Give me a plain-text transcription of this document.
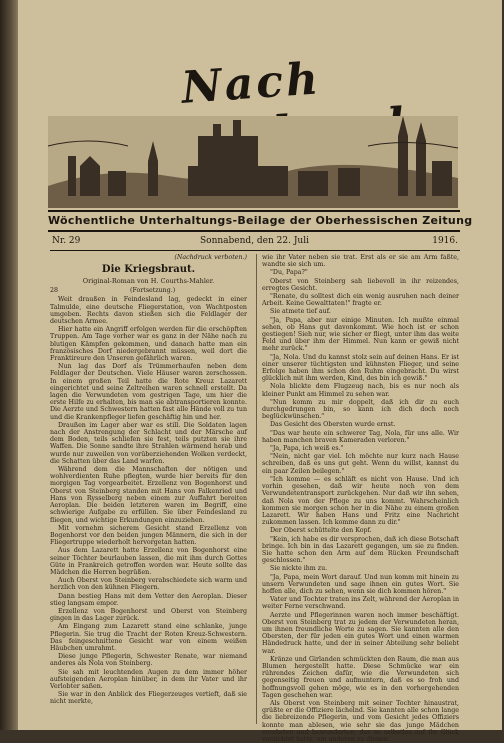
Nach
Wöchentliche Unterhaltungs-Beilage der Oberhessischen Zeitung
Nr. 29	Sonnabend, den 22. Juli	1916.

(Nachdruck verboten.)

Die Kriegsbraut.
Original-Roman von H. Courths-Mahler.
28	(Fortsetzung.)

Weit draußen in Feindesland lag, gedeckt in einer Talmulde, eine deutsche Fliegerstation, von Wachtposten umgeben. Rechts davon stießen sich die Feldlager der deutschen Armee.

Hier hatte ein Angriff erfolgen werden für die erschöpften Truppen. Am Tage vorher war es ganz in der Nähe nach zu blutigen Kämpfen gekommen, und danach hatte man ein französisches Dorf niedergebrannt müssen, weil dort die Franktireure den Unseren gefährlich waren.

Nun lag das Dorf als Trümmerhaufen neben dem Feldlager der Deutschen. Viele Häuser waren zerschossen. In einem großen Teil hatte die Rote Kreuz Lazarett eingerichtet und seine Zeltreihen waren schnell erstellt. Da lagen die Verwundeten vom gestrigen Tage, um hier die erste Hilfe zu erhalten, bis man sie abtransportieren konnte. Die Aerzte und Schwestern hatten fast alle Hände voll zu tun und die Krankenpfleger liefen geschäftig hin und her.

Draußen im Lager aber war es still. Die Soldaten lagen nach der Anstrengung der Schlacht und der Märsche auf dem Boden, teils schliefen sie fest, teils putzten sie ihre Waffen. Die Sonne sandte ihre Strahlen wärmend herab und wurde nur zuweilen von vorüberziehenden Wolken verdeckt, die Schatten über das Land warfen.

Während dem die Mannschaften der nötigen und wohlverdienten Ruhe pflegten, wurde hier bereits für den morgigen Tag vorgearbeitet. Erzellenz von Bogenhorst und Oberst von Steinberg standen mit Hans von Falkenried und Hans von Rysselberg neben einem zur Auffahrt bereiten Aeroplan. Die beiden letzteren waren im Begriff, eine schwierige Aufgabe zu erfüllen. Sie über Feindesland zu fliegen, und wichtige Erkundungen einzuziehen.

Mit vornehm sicherem Gesicht stand Erzellenz von Bogenhorst vor den beiden jungen Männern, die sich in der Fliegertruppe wiederholt hervorgetan hatten.

Aus dem Lazarett hatte Erzellenz von Bogenhorst eine seiner Töchter beurlauben lassen, die mit ihm durch Gottes Güte in Frankreich getroffen worden war. Heute sollte das Mädchen die Herren begrüßen.

Auch Oberst von Steinberg verabschiedete sich warm und herzlich von den kühnen Fliegern.

Dann bestieg Hans mit dem Vetter den Aeroplan. Dieser stieg langsam empor.

Erzellenz von Bogenhorst und Oberst von Steinberg gingen in das Lager zurück.

Am Eingang zum Lazarett stand eine schlanke, junge Pflegerin. Sie trug die Tracht der Roten Kreuz-Schwestern. Das feingeschnittene Gesicht war von einem weißen Häubchen umrahmt.

Diese junge Pflegerin, Schwester Renate, war niemand anderes als Nola von Steinberg.

Sie sah mit leuchtenden Augen zu dem immer höher aufsteigenden Aeroplan hinüber, in dem ihr Vater und ihr Verlobter saßen.

Sie war in den Anblick des Fliegerzeuges vertieft, daß sie nicht merkte,

wie ihr Vater neben sie trat. Erst als er sie am Arm faßte, wandte sie sich um.

"Du, Papa?"

Oberst von Steinberg sah liebevoll in ihr reizendes, erregtes Gesicht.

"Renate, du solltest dich ein wenig ausruhen nach deiner Arbeit. Keine Gewalttaten!" fragte er.

Sie atmete tief auf.

"Ja, Papa, aber nur einige Minuten. Ich mußte einmal sehen, ob Hans gut davonkommt. Wie hoch ist er schon gestiegen! Sieh nur, wie sicher er fliegt, unter ihm das weite Feld und über ihm der Himmel. Nun kann er gewiß nicht mehr zurück."

"Ja, Nola. Und du kannst stolz sein auf deinen Hans. Er ist einer unserer tüchtigsten und kühnsten Flieger, und seine Erfolge haben ihm schon den Ruhm eingebracht. Du wirst glücklich mit ihm werden, Kind, des bin ich gewiß."

Nola blickte dem Flugzeug nach, bis es nur noch als kleiner Punkt am Himmel zu sehen war.

"Nun komm zu mir doppelt, daß ich dir zu euch durchgedrungen bin, so kann ich dich doch noch beglückwünschen."

Das Gesicht des Obersten wurde ernst.

"Das war heute ein schwerer Tag, Nola, für uns alle. Wir haben manchen braven Kameraden verloren."

"Ja, Papa, ich weiß es."

"Nein, nicht gar viel. Ich möchte nur kurz nach Hause schreiben, daß es uns gut geht. Wenn du willst, kannst du ein paar Zeilen beilegen."

"Ich komme — es schläft es nicht von Hause. Und ich vorhin gesehen, daß wir heute noch von dem Verwundetentransport zurückgehen. Nur daß wir ihn sehen, daß Nola von der Pflege zu uns kommt. Wahrscheinlich kommen sie morgen schon her in die Nähe zu einem großen Lazarett. Wir haben Hans und Fritz eine Nachricht zukommen lassen. Ich komme dann zu dir."

Der Oberst schüttelte den Kopf.

"Kein, ich habe es dir versprochen, daß ich diese Botschaft bringe. Ich bin in das Lazarett gegangen, um sie zu finden. Sie hatte schon den Arm auf dem Rücken Freundschaft geschlossen."

Sie nickte ihm zu.

"Ja, Papa, mein Wort darauf. Und nun komm mit hinein zu unsern Verwundeten und sage ihnen ein gutes Wort. Sie hoffen alle, dich zu sehen, wenn sie dich kommen hören."

Vater und Tochter traten ins Zelt, während der Aeroplan in weiter Ferne verschwand.

Aerzte und Pflegerinnen waren noch immer beschäftigt. Oberst von Steinberg trat zu jedem der Verwundeten heran, um ihnen freundliche Worte zu sagen. Sie kannten alle den Obersten, der für jeden ein gutes Wort und einen warmen Händedruck hatte, und der in seiner Abteilung sehr beliebt war.

Kränze und Girlanden schmückten den Raum, die man aus Blumen hergestellt hatte. Diese Schmücke war ein rührendes Zeichen dafür, wie die Verwundeten sich gegenseitig freuen und aufmuntern, daß es so froh und hoffnungsvoll gehen möge, wie es in den vorhergehenden Tagen geschehen war.

Als Oberst von Steinberg mit seiner Tochter hinaustrat, grüßte er die Offiziere lächelnd. Sie kannten alle schon lange die liebreizende Pflegerin, und vom Gesicht jedes Offiziers konnte man ablesen, wie sehr sie das junge Mädchen verehrten und bewunderten, das so selbstlos auf ihr Glück verzichtet hatte, um anderen zu dienen.
